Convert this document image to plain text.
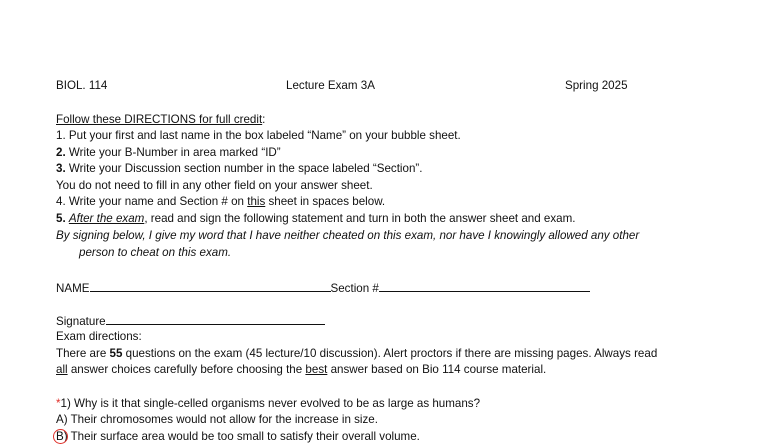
BIOL. 114	Lecture Exam 3A	Spring 2025
Follow these DIRECTIONS for full credit:
1. Put your first and last name in the box labeled “Name” on your bubble sheet.
2. Write your B-Number in area marked “ID”
3. Write your Discussion section number in the space labeled “Section”.
You do not need to fill in any other field on your answer sheet.
4. Write your name and Section # on this sheet in spaces below.
5. After the exam, read and sign the following statement and turn in both the answer sheet and exam.
By signing below, I give my word that I have neither cheated on this exam, nor have I knowingly allowed any other
person to cheat on this exam.
NAME	Section #
Signature
Exam directions:
There are 55 questions on the exam (45 lecture/10 discussion). Alert proctors if there are missing pages. Always read
all answer choices carefully before choosing the best answer based on Bio 114 course material.
*1) Why is it that single-celled organisms never evolved to be as large as humans?
A) Their chromosomes would not allow for the increase in size.
B) Their surface area would be too small to satisfy their overall volume.
